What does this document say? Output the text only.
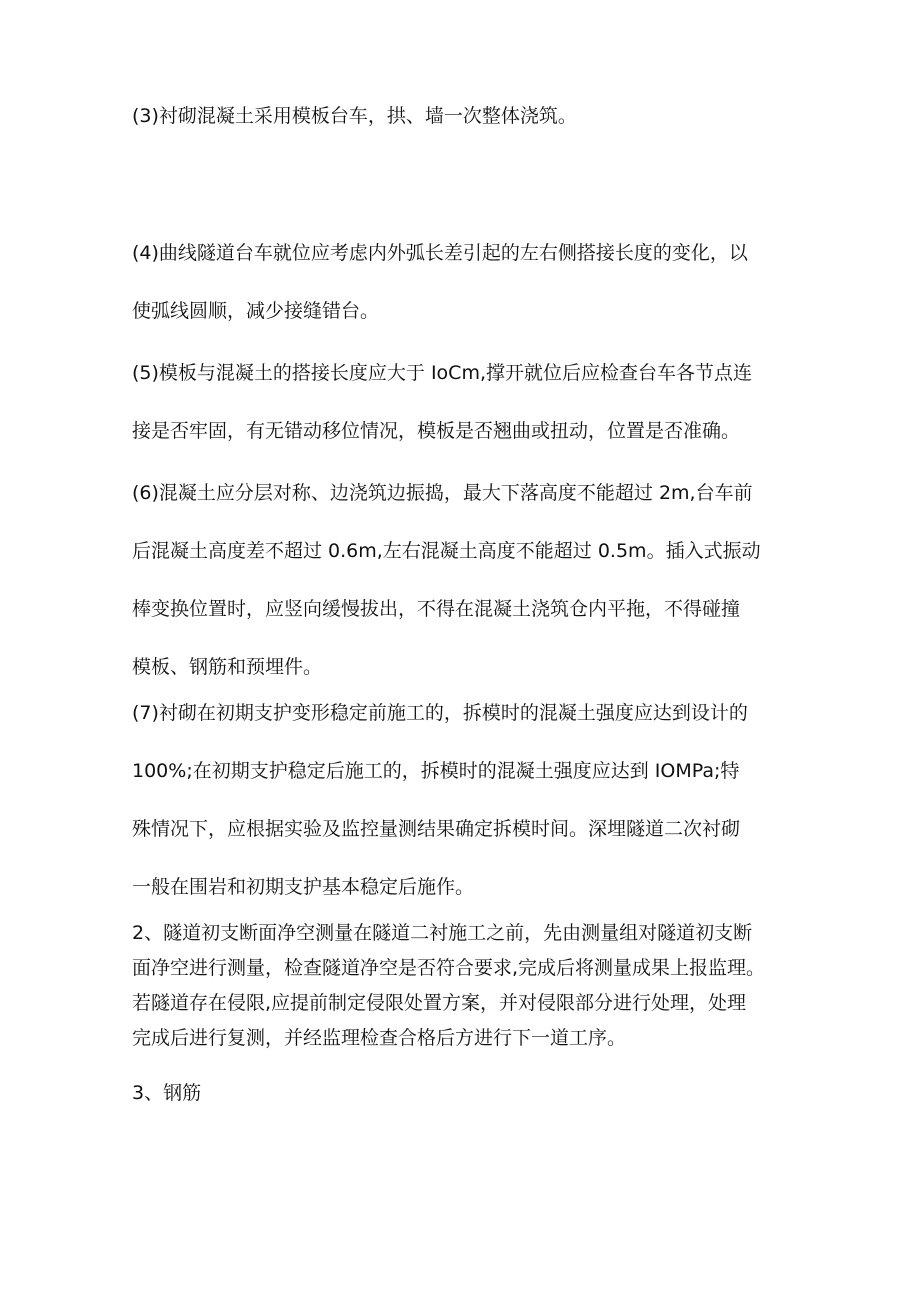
(3)衬砌混凝土采用模板台车，拱、墙一次整体浇筑。

(4)曲线隧道台车就位应考虑内外弧长差引起的左右侧搭接长度的变化，以
使弧线圆顺，减少接缝错台。

(5)模板与混凝土的搭接长度应大于 IoCm,撑开就位后应检查台车各节点连
接是否牢固，有无错动移位情况，模板是否翘曲或扭动，位置是否准确。

(6)混凝土应分层对称、边浇筑边振捣，最大下落高度不能超过 2m,台车前
后混凝土高度差不超过 0.6m,左右混凝土高度不能超过 0.5m。插入式振动
棒变换位置时，应竖向缓慢拔出，不得在混凝土浇筑仓内平拖，不得碰撞
模板、钢筋和预埋件。

(7)衬砌在初期支护变形稳定前施工的，拆模时的混凝土强度应达到设计的
100%;在初期支护稳定后施工的，拆模时的混凝土强度应达到 IOMPa;特
殊情况下，应根据实验及监控量测结果确定拆模时间。深埋隧道二次衬砌
一般在围岩和初期支护基本稳定后施作。

2、隧道初支断面净空测量在隧道二衬施工之前，先由测量组对隧道初支断
面净空进行测量，检查隧道净空是否符合要求,完成后将测量成果上报监理。
若隧道存在侵限,应提前制定侵限处置方案，并对侵限部分进行处理，处理
完成后进行复测，并经监理检查合格后方进行下一道工序。

3、钢筋
